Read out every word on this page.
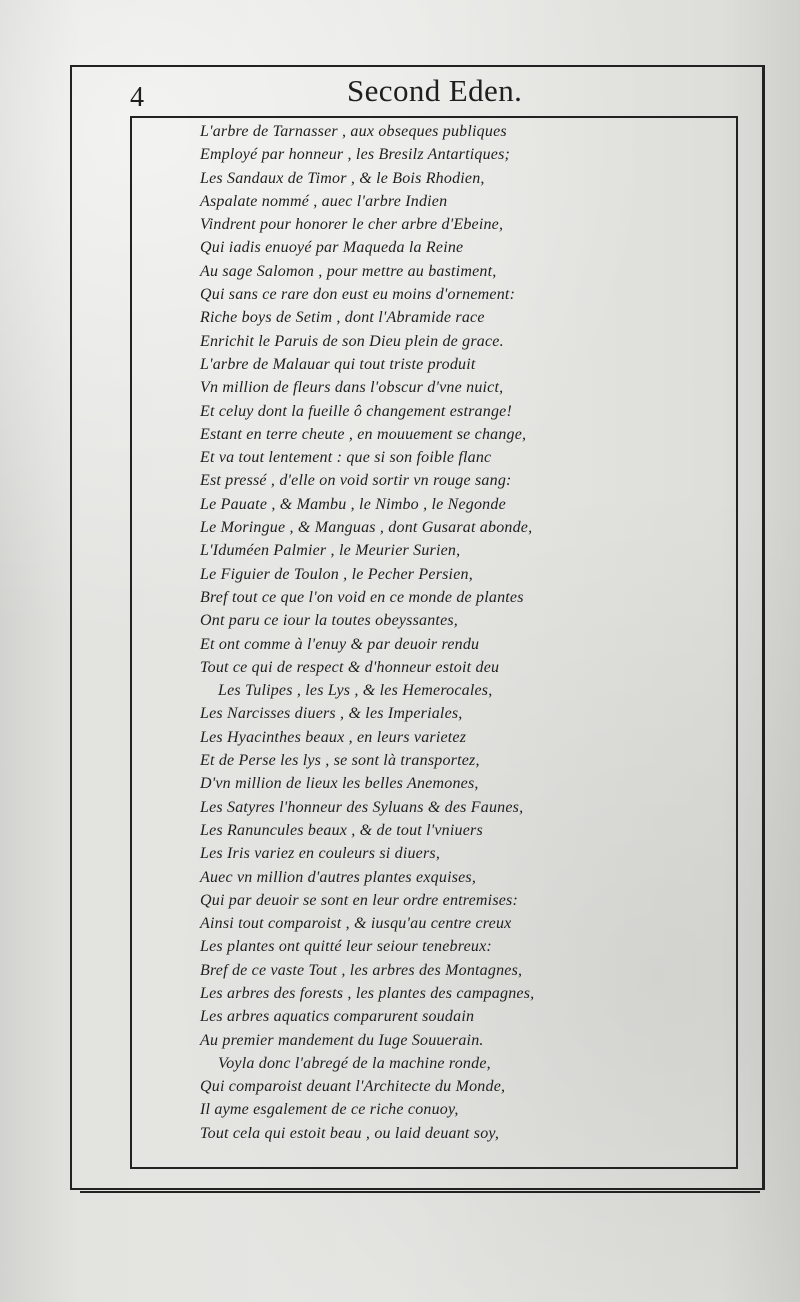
4	Second Eden.
L'arbre de Tarnasser , aux obseques publiques
Employé par honneur , les Bresilz Antartiques;
Les Sandaux de Timor , & le Bois Rhodien,
Aspalate nommé , auec l'arbre Indien
Vindrent pour honorer le cher arbre d'Ebeine,
Qui iadis enuoyé par Maqueda la Reine
Au sage Salomon , pour mettre au bastiment,
Qui sans ce rare don eust eu moins d'ornement:
Riche boys de Setim , dont l'Abramide race
Enrichit le Paruis de son Dieu plein de grace.
L'arbre de Malauar qui tout triste produit
Vn million de fleurs dans l'obscur d'vne nuict,
Et celuy dont la fueille ô changement estrange!
Estant en terre cheute , en mouuement se change,
Et va tout lentement : que si son foible flanc
Est pressé , d'elle on void sortir vn rouge sang:
Le Pauate , & Mambu , le Nimbo , le Negonde
Le Moringue , & Manguas , dont Gusarat abonde,
L'Iduméen Palmier , le Meurier Surien,
Le Figuier de Toulon , le Pecher Persien,
Bref tout ce que l'on void en ce monde de plantes
Ont paru ce iour la toutes obeyssantes,
Et ont comme à l'enuy & par deuoir rendu
Tout ce qui de respect & d'honneur estoit deu
Les Tulipes , les Lys , & les Hemerocales,
Les Narcisses diuers , & les Imperiales,
Les Hyacinthes beaux , en leurs varietez
Et de Perse les lys , se sont là transportez,
D'vn million de lieux les belles Anemones,
Les Satyres l'honneur des Syluans & des Faunes,
Les Ranuncules beaux , & de tout l'vniuers
Les Iris variez en couleurs si diuers,
Auec vn million d'autres plantes exquises,
Qui par deuoir se sont en leur ordre entremises:
Ainsi tout comparoist , & iusqu'au centre creux
Les plantes ont quitté leur seiour tenebreux:
Bref de ce vaste Tout , les arbres des Montagnes,
Les arbres des forests , les plantes des campagnes,
Les arbres aquatics comparurent soudain
Au premier mandement du Iuge Souuerain.
Voyla donc l'abregé de la machine ronde,
Qui comparoist deuant l'Architecte du Monde,
Il ayme esgalement de ce riche conuoy,
Tout cela qui estoit beau , ou laid deuant soy,
